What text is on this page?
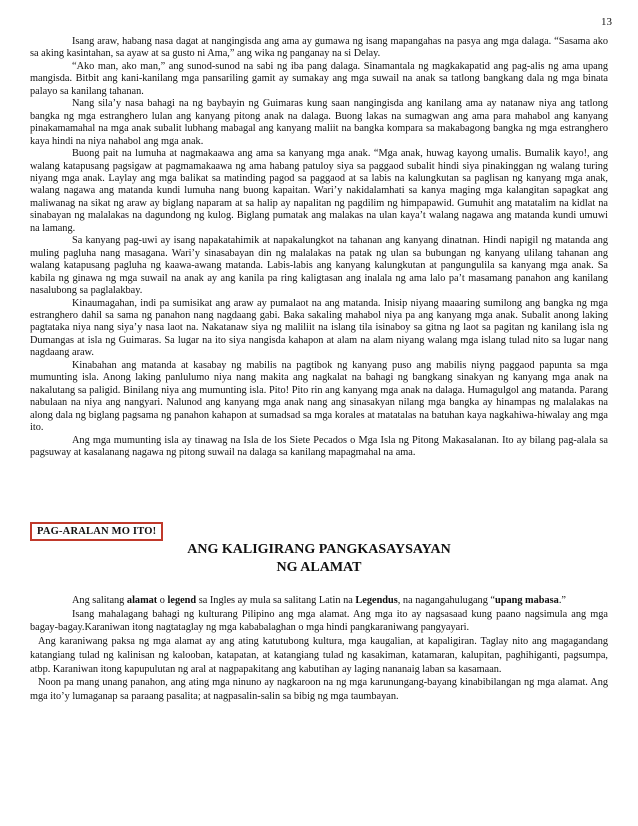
13

Isang araw, habang nasa dagat at nangingisda ang ama ay gumawa ng isang mapangahas na pasya ang mga dalaga. “Sasama ako sa aking kasintahan, sa ayaw at sa gusto ni Ama,” ang wika ng panganay na si Delay.

“Ako man, ako man,” ang sunod-sunod na sabi ng iba pang dalaga. Sinamantala ng magkakapatid ang pag-alis ng ama upang mangisda. Bitbit ang kani-kanilang mga pansariling gamit ay sumakay ang mga suwail na anak sa tatlong bangkang dala ng mga binata palayo sa kanilang tahanan.

Nang sila’y nasa bahagi na ng baybayin ng Guimaras kung saan nangingisda ang kanilang ama ay natanaw niya ang tatlong bangka ng mga estranghero lulan ang kanyang pitong anak na dalaga. Buong lakas na sumagwan ang ama para mahabol ang kanyang pinakamamahal na mga anak subalit lubhang mabagal ang kanyang maliit na bangka kompara sa makabagong bangka ng mga estranghero kaya hindi na niya nahabol ang mga anak.

Buong pait na lumuha at nagmakaawa ang ama sa kanyang mga anak. “Mga anak, huwag kayong umalis. Bumalik kayo!, ang walang katapusang pagsigaw at pagmamakaawa ng ama habang patuloy siya sa paggaod subalit hindi siya pinakinggan ng walang turing niyang mga anak. Laylay ang mga balikat sa matinding pagod sa paggaod at sa labis na kalungkutan sa paglisan ng kanyang mga anak, walang nagawa ang matanda kundi lumuha nang buong kapaitan. Wari’y nakidalamhati sa kanya maging mga kalangitan sapagkat ang maliwanag na sikat ng araw ay biglang naparam at sa halip ay napalitan ng pagdilim ng himpapawid. Gumuhit ang matatalim na kidlat na sinabayan ng malalakas na dagundong ng kulog. Biglang pumatak ang malakas na ulan kaya’t walang nagawa ang matanda kundi umuwi na lamang.

Sa kanyang pag-uwi ay isang napakatahimik at napakalungkot na tahanan ang kanyang dinatnan. Hindi napigil ng matanda ang muling pagluha nang masagana. Wari’y sinasabayan din ng malalakas na patak ng ulan sa bubungan ng kanyang ulilang tahanan ang walang katapusang pagluha ng kaawa-awang matanda. Labis-labis ang kanyang kalungkutan at pangungulila sa kanyang mga anak. Sa kabila ng ginawa ng mga suwail na anak ay ang kanila pa ring kaligtasan ang inalala ng ama lalo pa’t masamang panahon ang kanilang nasalubong sa paglalakbay.

Kinaumagahan, indi pa sumisikat ang araw ay pumalaot na ang matanda. Inisip niyang maaaring sumilong ang bangka ng mga estranghero dahil sa sama ng panahon nang nagdaang gabi. Baka sakaling mahabol niya pa ang kanyang mga anak. Subalit anong laking pagtataka niya nang siya’y nasa laot na. Nakatanaw siya ng maliliit na islang tila isinaboy sa gitna ng laot sa pagitan ng kanilang isla ng Dumangas at isla ng Guimaras. Sa lugar na ito siya nangisda kahapon at alam na alam niyang walang mga islang tulad nito sa lugar nang nagdaang araw.

Kinabahan ang matanda at kasabay ng mabilis na pagtibok ng kanyang puso ang mabilis niyng paggaod papunta sa mga mumunting isla. Anong laking panlulumo niya nang makita ang nagkalat na bahagi ng bangkang sinakyan ng kanyang mga anak na nakalutang sa paligid. Binilang niya ang mumunting isla. Pito! Pito rin ang kanyang mga anak na dalaga. Humagulgol ang matanda. Parang nabulaan na niya ang nangyari. Nalunod ang kanyang mga anak nang ang sinasakyan nilang mga bangka ay hinampas ng malalakas na along dala ng biglang pagsama ng panahon kahapon at sumadsad sa mga korales at matatalas na batuhan kaya nagkahiwa-hiwalay ang mga ito.

Ang mga mumunting isla ay tinawag na Isla de los Siete Pecados o Mga Isla ng Pitong Makasalanan. Ito ay bilang pag-alala sa pagsuway at kasalanang nagawa ng pitong suwail na dalaga sa kanilang mapagmahal na ama.

PAG-ARALAN MO ITO!
ANG KALIGIRANG PANGKASAYSAYAN
NG ALAMAT

Ang salitang alamat o legend sa Ingles ay mula sa salitang Latin na Legendus, na nagangahulugang “upang mabasa.”

Isang mahalagang bahagi ng kulturang Pilipino ang mga alamat. Ang mga ito ay nagsasaad kung paano nagsimula ang mga bagay-bagay.Karaniwan itong nagtataglay ng mga kababalaghan o mga hindi pangkaraniwang pangyayari.

Ang karaniwang paksa ng mga alamat ay ang ating katutubong kultura, mga kaugalian, at kapaligiran. Taglay nito ang magagandang katangiang tulad ng kalinisan ng kalooban, katapatan, at katangiang tulad ng kasakiman, katamaran, kalupitan, paghihiganti, pagsumpa, atbp. Karaniwan itong kapupulutan ng aral at nagpapakitang ang kabutihan ay laging nananaig laban sa kasamaan.

Noon pa mang unang panahon, ang ating mga ninuno ay nagkaroon na ng mga karunungang-bayang kinabibilangan ng mga alamat. Ang mga ito’y lumaganap sa paraang pasalita; at nagpasalin-salin sa bibig ng mga taumbayan.
